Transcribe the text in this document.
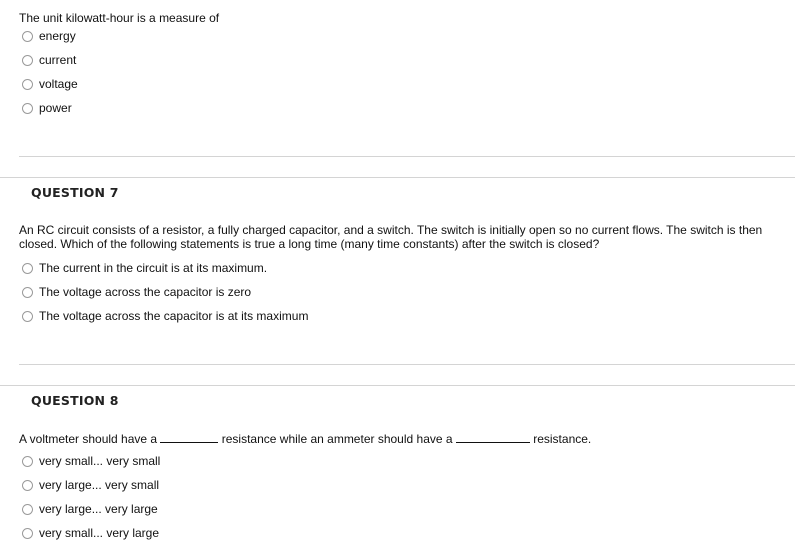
The unit kilowatt-hour is a measure of
energy
current
voltage
power
QUESTION 7
An RC circuit consists of a resistor, a fully charged capacitor, and a switch. The switch is initially open so no current flows. The switch is then closed. Which of the following statements is true a long time (many time constants) after the switch is closed?
The current in the circuit is at its maximum.
The voltage across the capacitor is zero
The voltage across the capacitor is at its maximum
QUESTION 8
A voltmeter should have a	resistance while an ammeter should have a	resistance.
very small... very small
very large... very small
very large... very large
very small... very large
